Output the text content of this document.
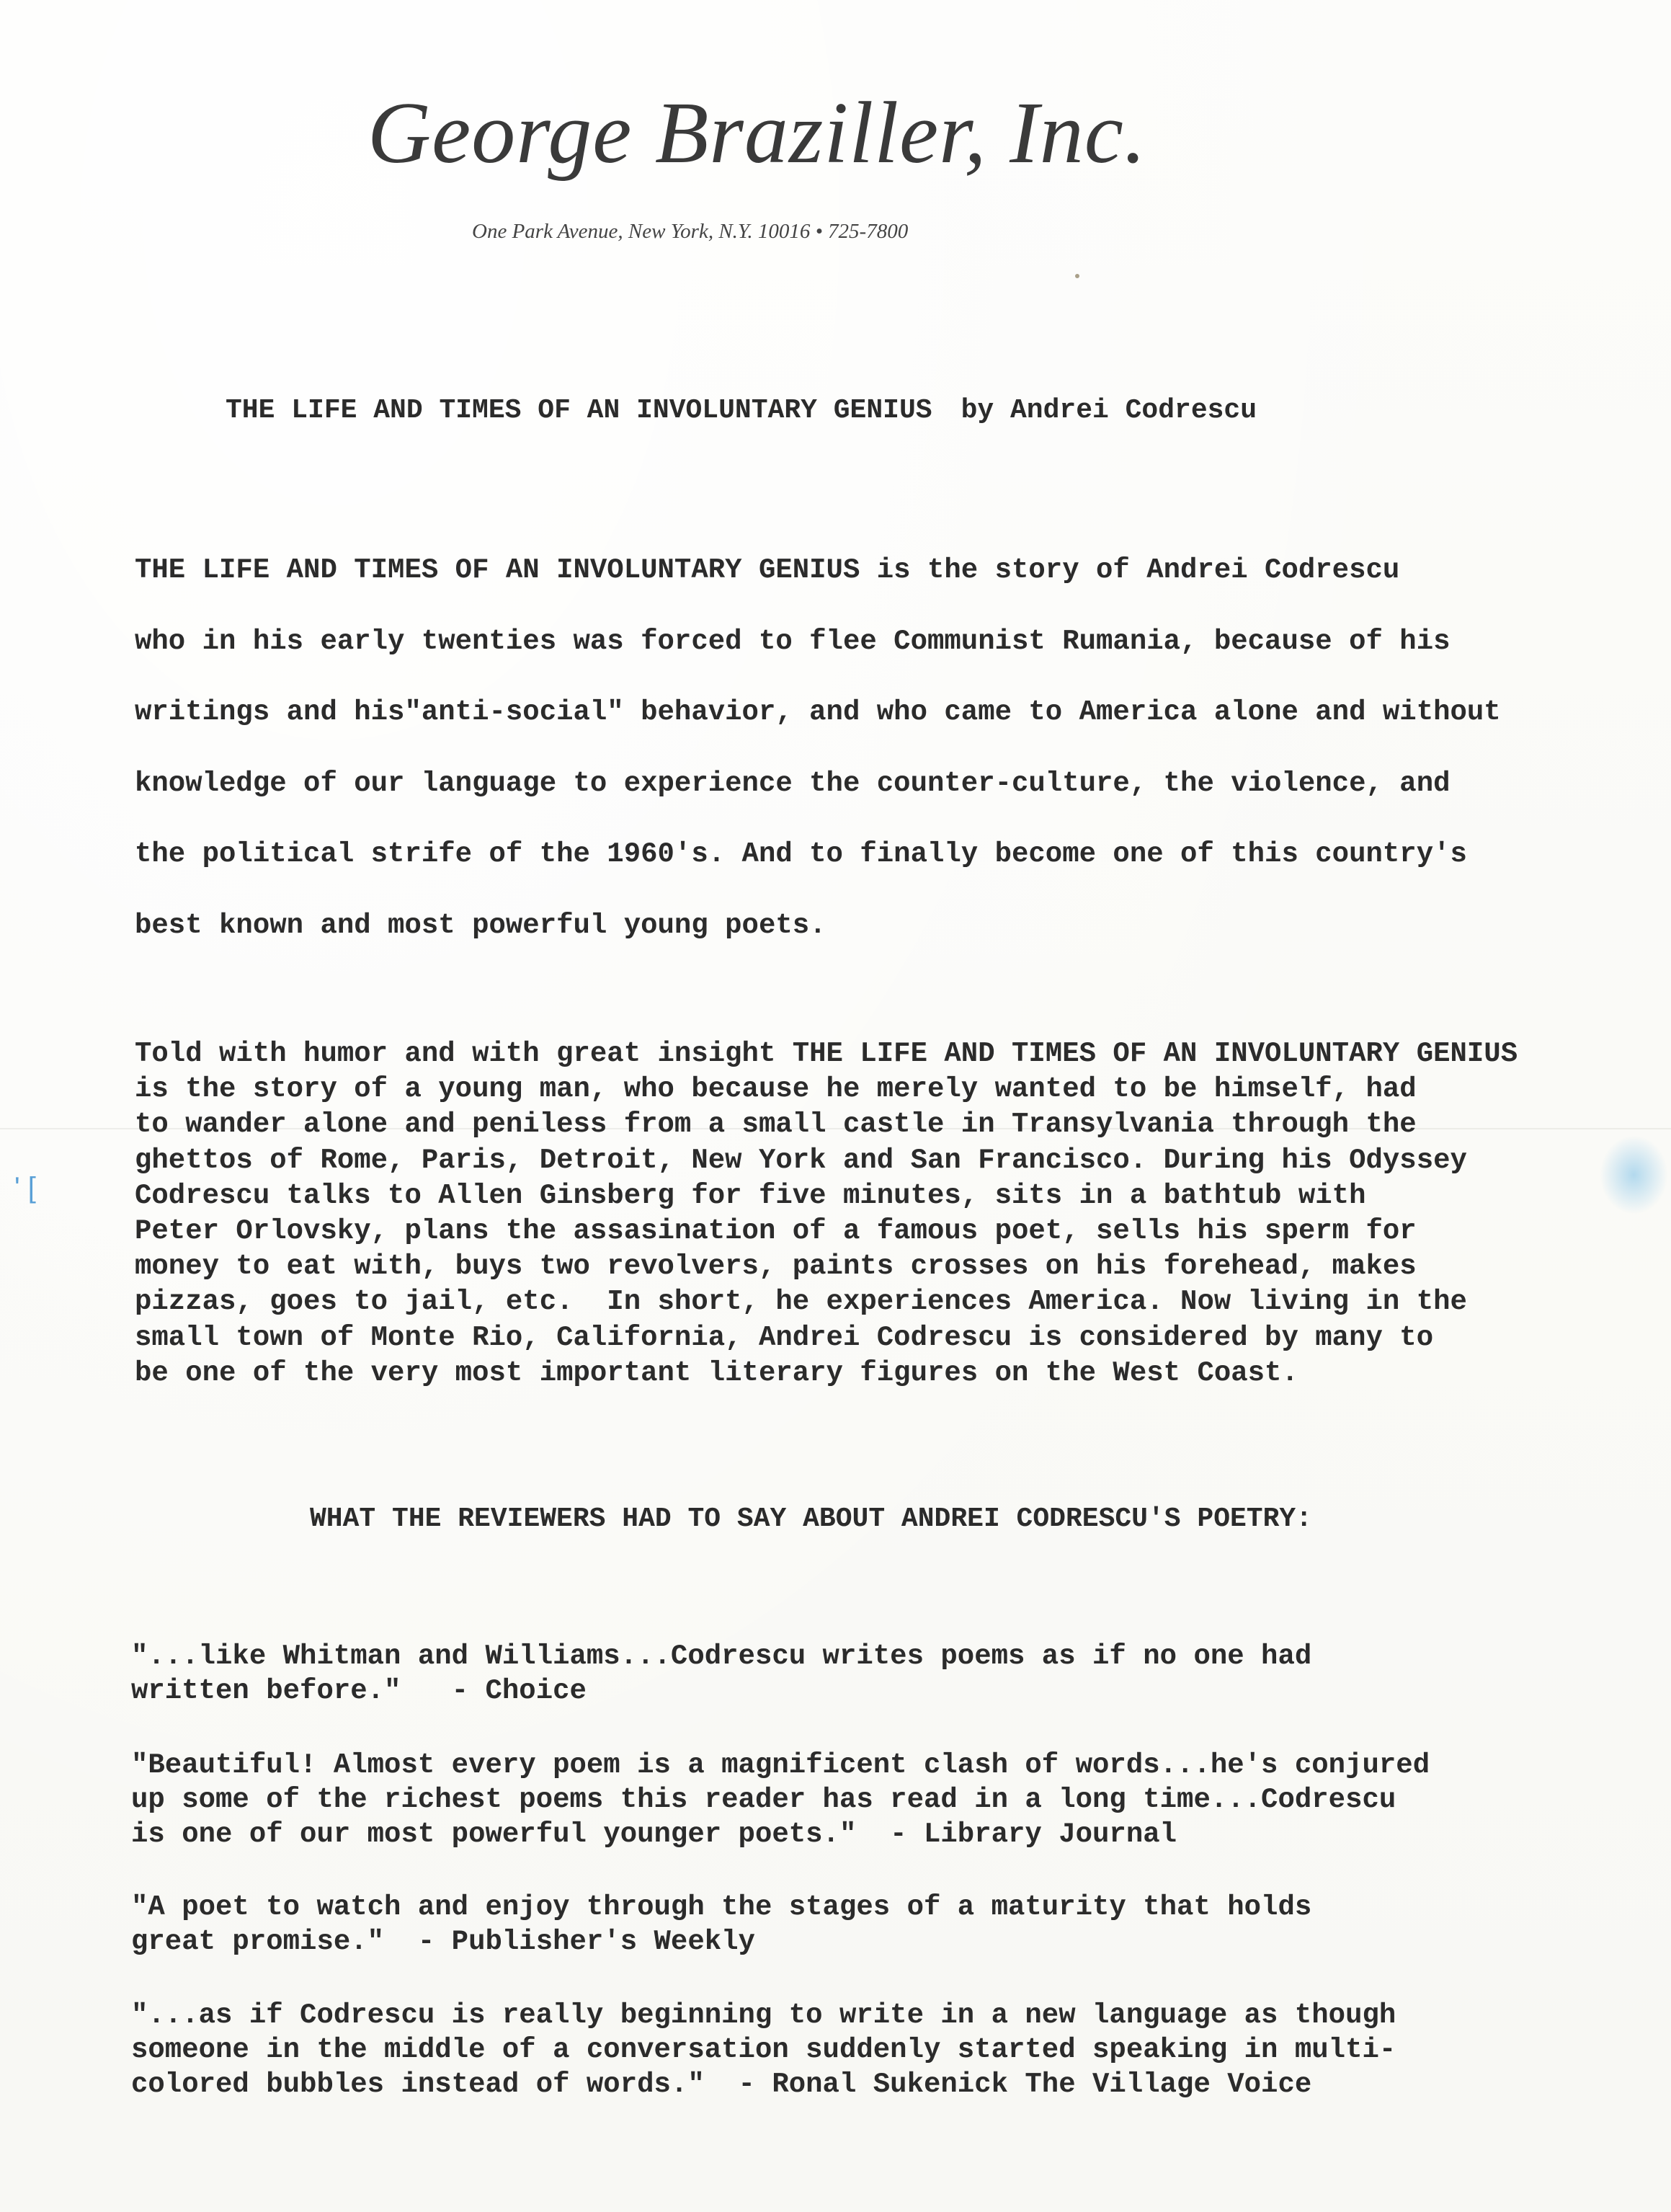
George Braziller, Inc.
One Park Avenue, New York, N.Y. 10016 • 725-7800
THE LIFE AND TIMES OF AN INVOLUNTARY GENIUS by Andrei Codrescu
THE LIFE AND TIMES OF AN INVOLUNTARY GENIUS is the story of Andrei Codrescu
who in his early twenties was forced to flee Communist Rumania, because of his
writings and his"anti-social" behavior, and who came to America alone and without
knowledge of our language to experience the counter-culture, the violence, and
the political strife of the 1960's. And to finally become one of this country's
best known and most powerful young poets.
Told with humor and with great insight THE LIFE AND TIMES OF AN INVOLUNTARY GENIUS
is the story of a young man, who because he merely wanted to be himself, had
to wander alone and peniless from a small castle in Transylvania through the
ghettos of Rome, Paris, Detroit, New York and San Francisco. During his Odyssey
Codrescu talks to Allen Ginsberg for five minutes, sits in a bathtub with
Peter Orlovsky, plans the assasination of a famous poet, sells his sperm for
money to eat with, buys two revolvers, paints crosses on his forehead, makes
pizzas, goes to jail, etc.  In short, he experiences America. Now living in the
small town of Monte Rio, California, Andrei Codrescu is considered by many to
be one of the very most important literary figures on the West Coast.
WHAT THE REVIEWERS HAD TO SAY ABOUT ANDREI CODRESCU'S POETRY:
"...like Whitman and Williams...Codrescu writes poems as if no one had
written before."   - Choice
"Beautiful! Almost every poem is a magnificent clash of words...he's conjured
up some of the richest poems this reader has read in a long time...Codrescu
is one of our most powerful younger poets."  - Library Journal
"A poet to watch and enjoy through the stages of a maturity that holds
great promise."  - Publisher's Weekly
"...as if Codrescu is really beginning to write in a new language as though
someone in the middle of a conversation suddenly started speaking in multi-
colored bubbles instead of words."  - Ronal Sukenick The Village Voice
' [
